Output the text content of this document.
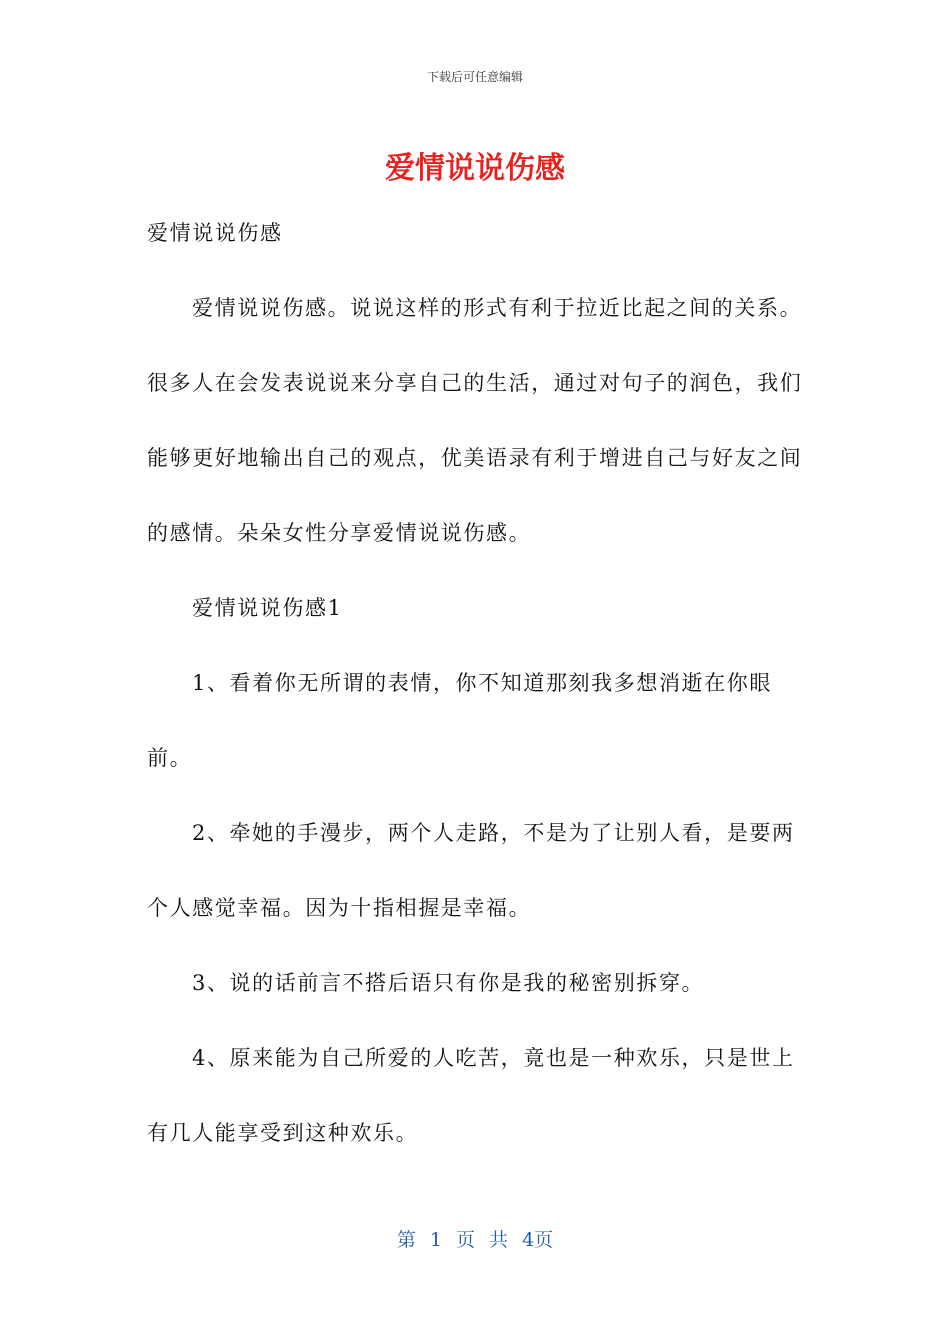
下载后可任意编辑
爱情说说伤感

爱情说说伤感

爱情说说伤感。说说这样的形式有利于拉近比起之间的关系。很多人在会发表说说来分享自己的生活，通过对句子的润色，我们能够更好地输出自己的观点，优美语录有利于增进自己与好友之间的感情。朵朵女性分享爱情说说伤感。

爱情说说伤感1

1、看着你无所谓的表情，你不知道那刻我多想消逝在你眼前。

2、牵她的手漫步，两个人走路，不是为了让别人看，是要两个人感觉幸福。因为十指相握是幸福。

3、说的话前言不搭后语只有你是我的秘密别拆穿。

4、原来能为自己所爱的人吃苦，竟也是一种欢乐，只是世上有几人能享受到这种欢乐。

第 1 页 共 4页
